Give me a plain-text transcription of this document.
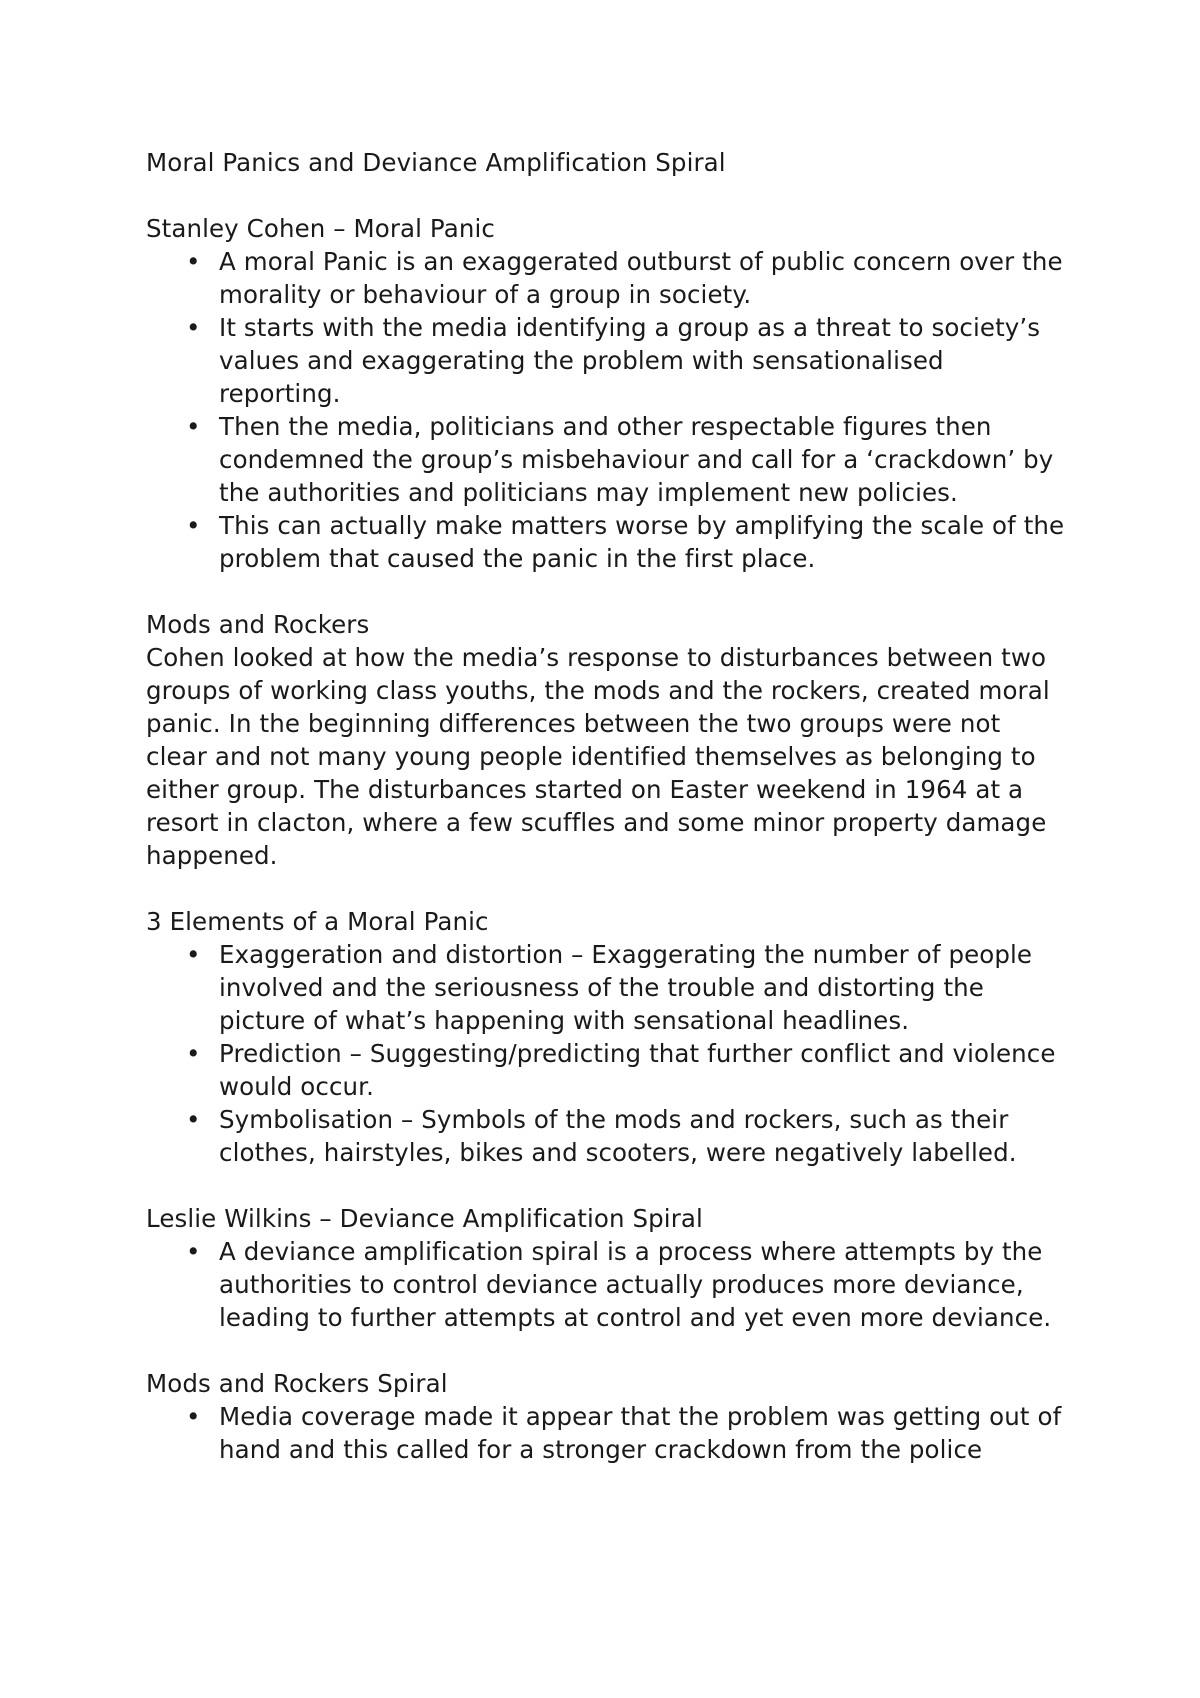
Moral Panics and Deviance Amplification Spiral
Stanley Cohen – Moral Panic
• A moral Panic is an exaggerated outburst of public concern over the morality or behaviour of a group in society.
• It starts with the media identifying a group as a threat to society’s values and exaggerating the problem with sensationalised reporting.
• Then the media, politicians and other respectable figures then condemned the group’s misbehaviour and call for a ‘crackdown’ by the authorities and politicians may implement new policies.
• This can actually make matters worse by amplifying the scale of the problem that caused the panic in the first place.
Mods and Rockers

Cohen looked at how the media’s response to disturbances between two groups of working class youths, the mods and the rockers, created moral panic. In the beginning differences between the two groups were not clear and not many young people identified themselves as belonging to either group. The disturbances started on Easter weekend in 1964 at a resort in clacton, where a few scuffles and some minor property damage happened.

3 Elements of a Moral Panic
• Exaggeration and distortion – Exaggerating the number of people involved and the seriousness of the trouble and distorting the picture of what’s happening with sensational headlines.
• Prediction – Suggesting/predicting that further conflict and violence would occur.
• Symbolisation – Symbols of the mods and rockers, such as their clothes, hairstyles, bikes and scooters, were negatively labelled.
Leslie Wilkins – Deviance Amplification Spiral
• A deviance amplification spiral is a process where attempts by the authorities to control deviance actually produces more deviance, leading to further attempts at control and yet even more deviance.
Mods and Rockers Spiral
• Media coverage made it appear that the problem was getting out of hand and this called for a stronger crackdown from the police
